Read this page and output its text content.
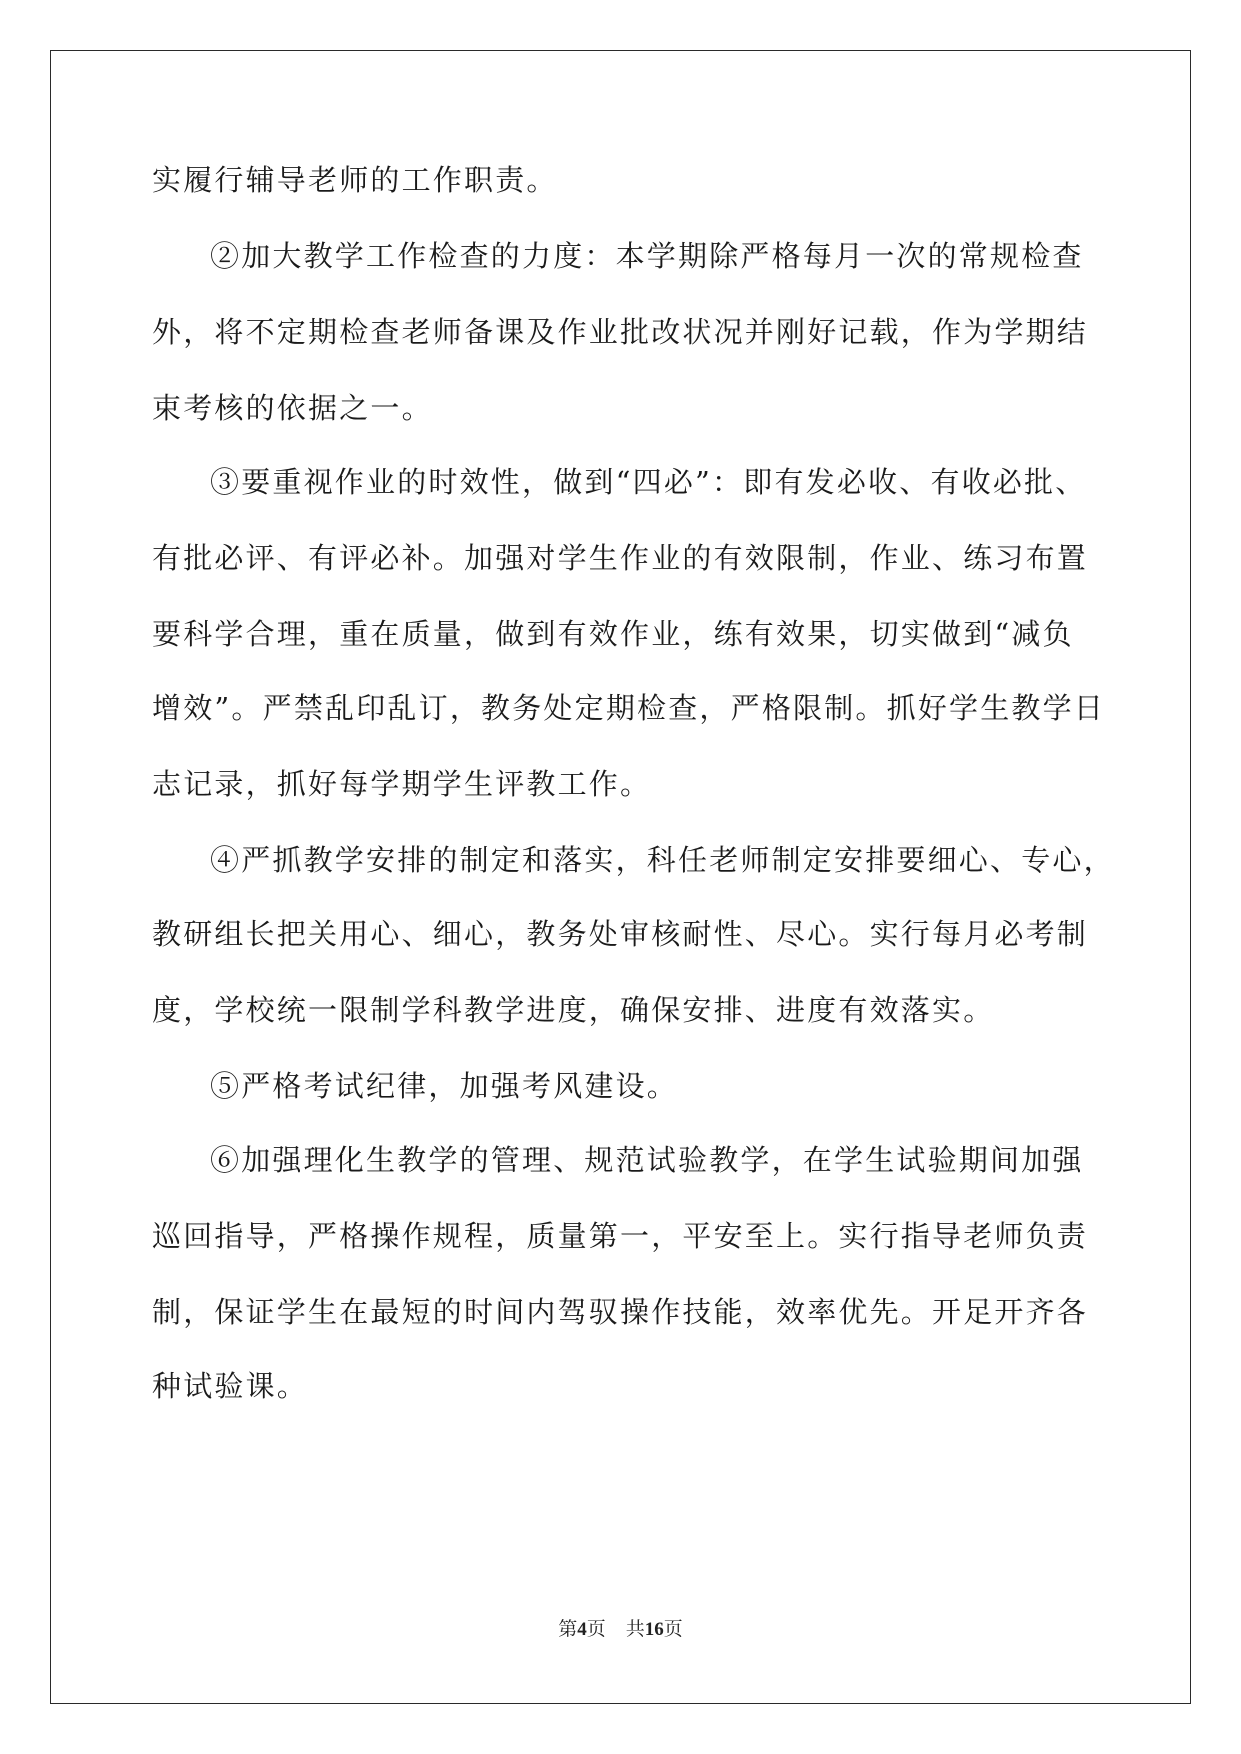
实履行辅导老师的工作职责。
②加大教学工作检查的力度：本学期除严格每月一次的常规检查
外，将不定期检查老师备课及作业批改状况并刚好记载，作为学期结
束考核的依据之一。
③要重视作业的时效性，做到“四必”：即有发必收、有收必批、
有批必评、有评必补。加强对学生作业的有效限制，作业、练习布置
要科学合理，重在质量，做到有效作业，练有效果，切实做到“减负
增效”。严禁乱印乱订，教务处定期检查，严格限制。抓好学生教学日
志记录，抓好每学期学生评教工作。
④严抓教学安排的制定和落实，科任老师制定安排要细心、专心，
教研组长把关用心、细心，教务处审核耐性、尽心。实行每月必考制
度，学校统一限制学科教学进度，确保安排、进度有效落实。
⑤严格考试纪律，加强考风建设。
⑥加强理化生教学的管理、规范试验教学，在学生试验期间加强
巡回指导，严格操作规程，质量第一，平安至上。实行指导老师负责
制，保证学生在最短的时间内驾驭操作技能，效率优先。开足开齐各
种试验课。
第4页 共16页
